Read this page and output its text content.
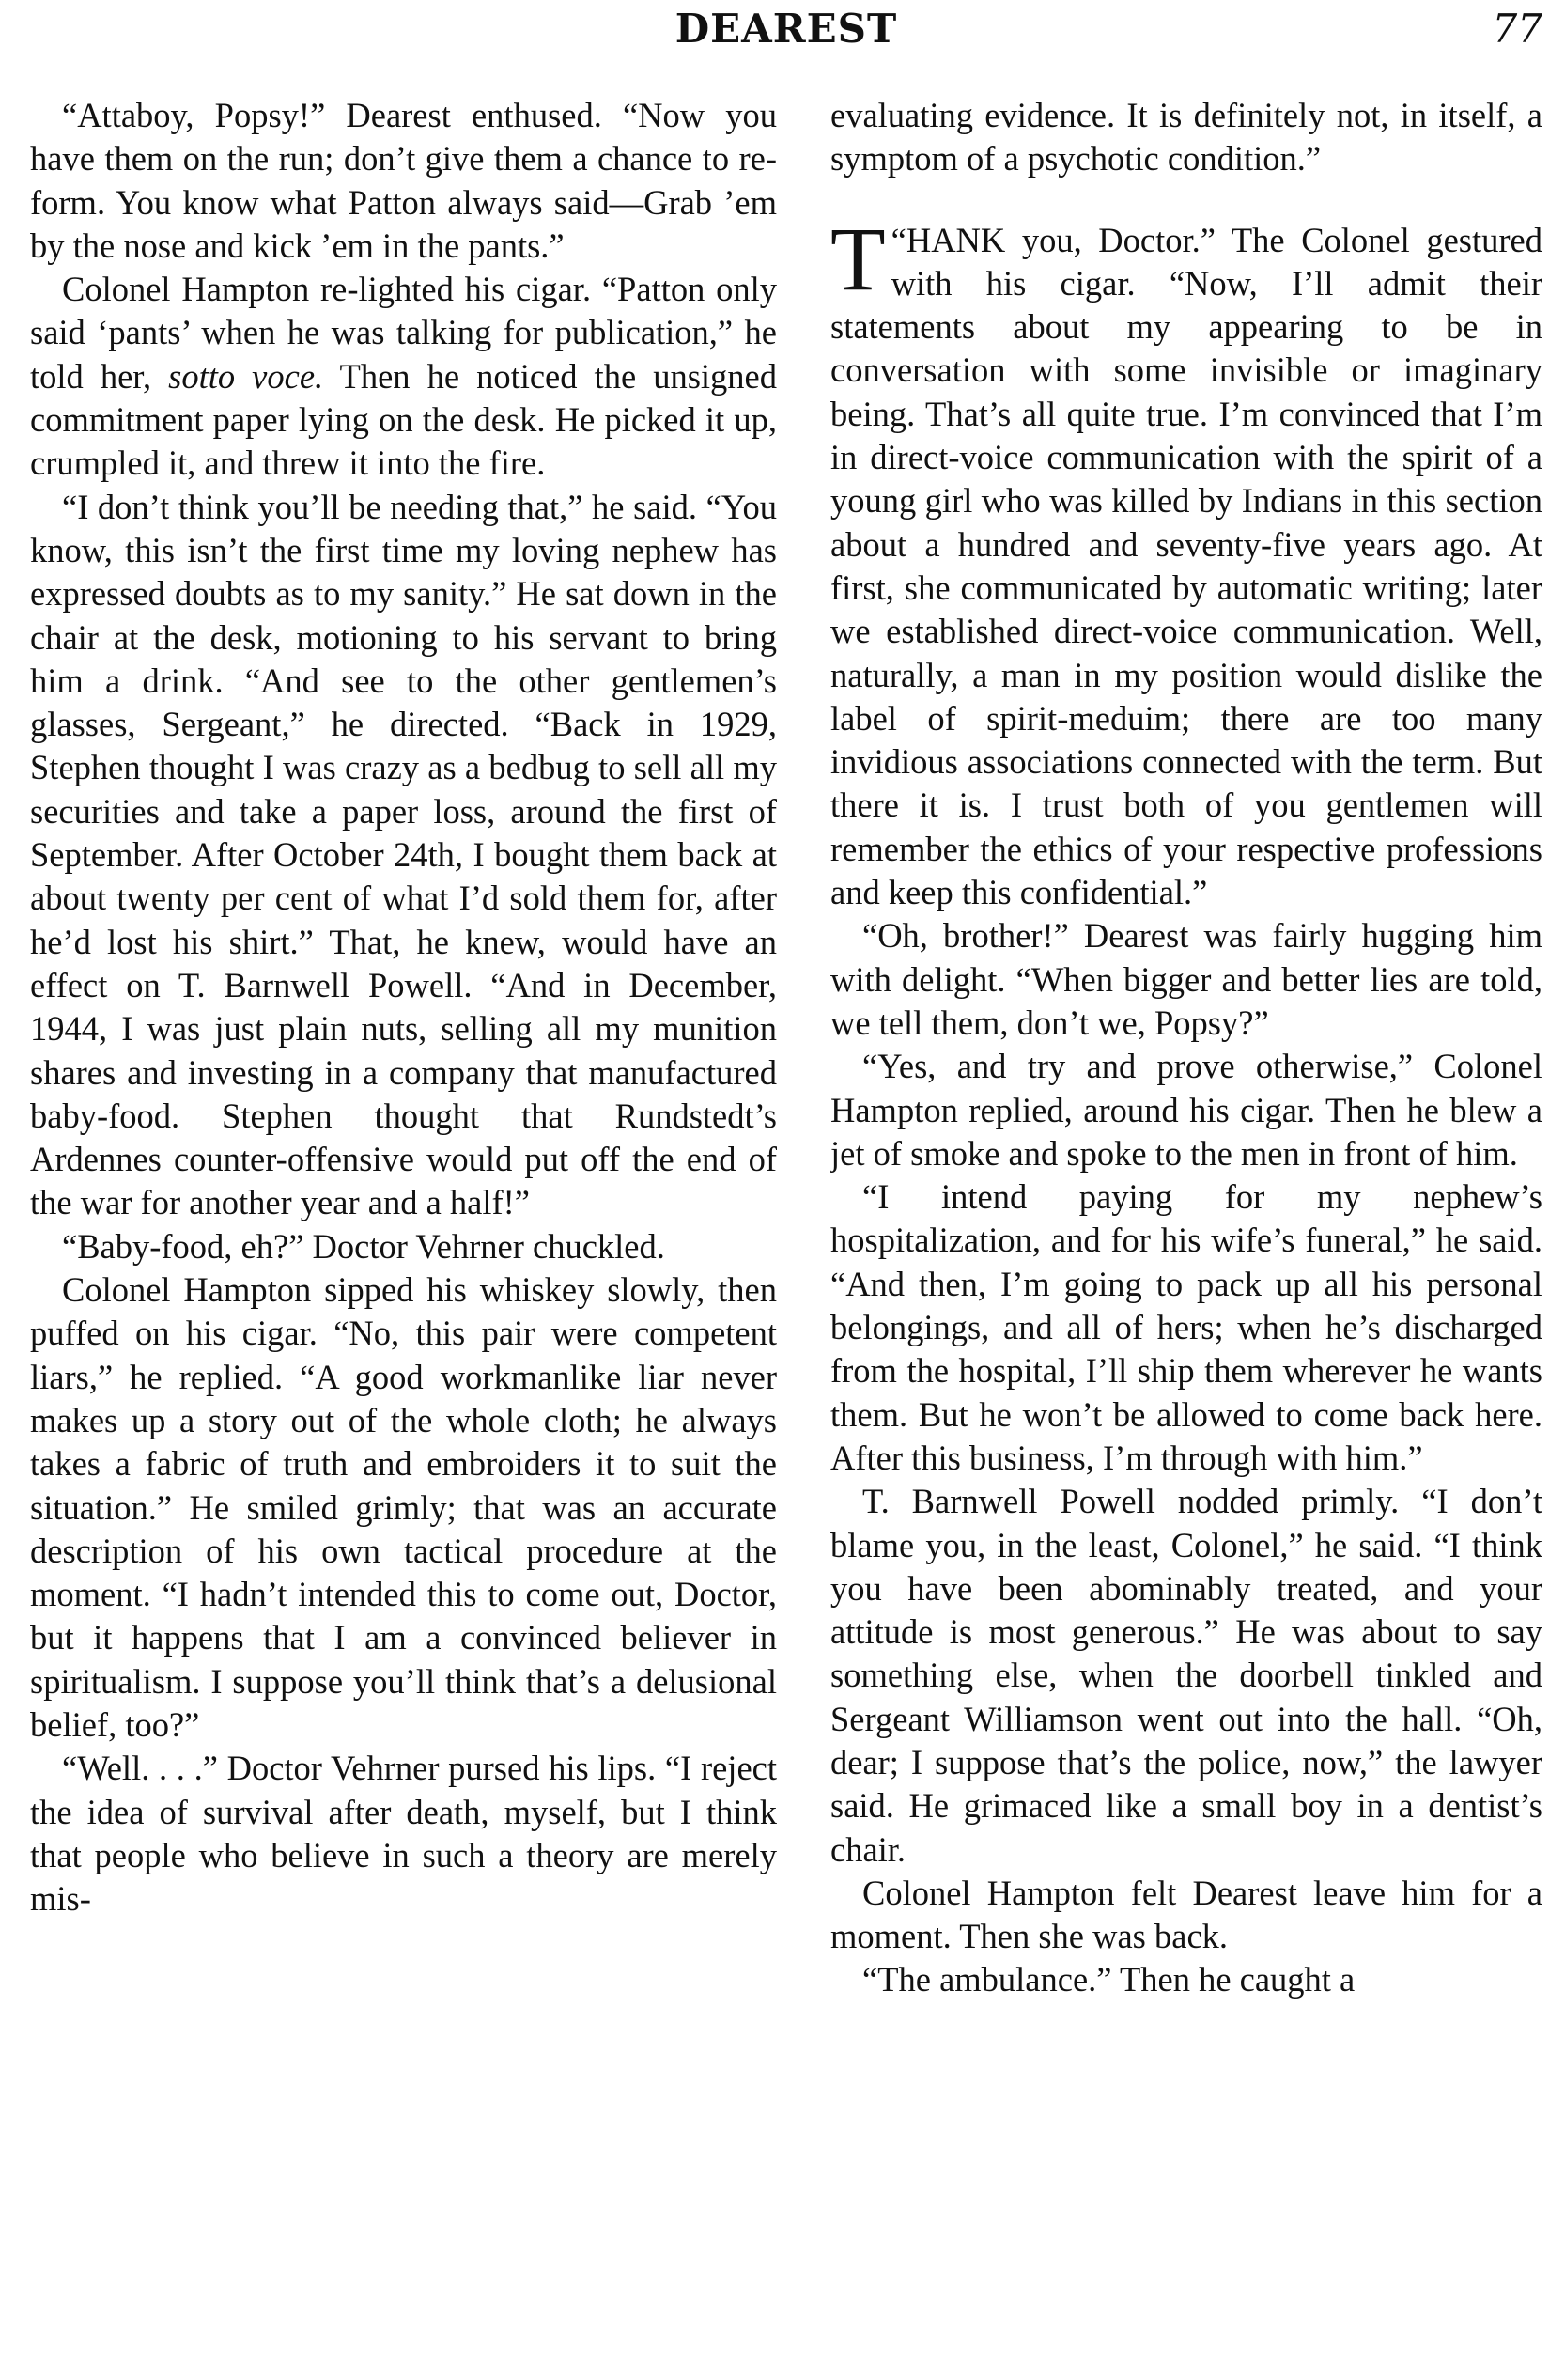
DEAREST	77

“Attaboy, Popsy!” Dearest enthused. “Now you have them on the run; don’t give them a chance to re-form. You know what Patton always said—Grab ’em by the nose and kick ’em in the pants.”

Colonel Hampton re-lighted his cigar. “Patton only said ‘pants’ when he was talking for publication,” he told her, sotto voce. Then he noticed the unsigned commitment paper lying on the desk. He picked it up, crumpled it, and threw it into the fire.

“I don’t think you’ll be needing that,” he said. “You know, this isn’t the first time my loving nephew has expressed doubts as to my sanity.” He sat down in the chair at the desk, motioning to his servant to bring him a drink. “And see to the other gentlemen’s glasses, Sergeant,” he directed. “Back in 1929, Stephen thought I was crazy as a bedbug to sell all my securities and take a paper loss, around the first of September. After October 24th, I bought them back at about twenty per cent of what I’d sold them for, after he’d lost his shirt.” That, he knew, would have an effect on T. Barnwell Powell. “And in December, 1944, I was just plain nuts, selling all my munition shares and investing in a company that manufactured baby-food. Stephen thought that Rundstedt’s Ardennes counter-offensive would put off the end of the war for another year and a half!”

“Baby-food, eh?” Doctor Vehrner chuckled.

Colonel Hampton sipped his whiskey slowly, then puffed on his cigar. “No, this pair were competent liars,” he replied. “A good workmanlike liar never makes up a story out of the whole cloth; he always takes a fabric of truth and embroiders it to suit the situation.” He smiled grimly; that was an accurate description of his own tactical procedure at the moment. “I hadn’t intended this to come out, Doctor, but it happens that I am a convinced believer in spiritualism. I suppose you’ll think that’s a delusional belief, too?”

“Well. . . .” Doctor Vehrner pursed his lips. “I reject the idea of survival after death, myself, but I think that people who believe in such a theory are merely mis-

evaluating evidence. It is definitely not, in itself, a symptom of a psychotic condition.”

“
T HANK you, Doctor.” The Colonel gestured with his cigar. “Now, I’ll admit their statements about my appearing to be in conversation with some invisible or imaginary being. That’s all quite true. I’m convinced that I’m in direct-voice communication with the spirit of a young girl who was killed by Indians in this section about a hundred and seventy-five years ago. At first, she communicated by automatic writing; later we established direct-voice communication. Well, naturally, a man in my position would dislike the label of spirit-meduim; there are too many invidious associations connected with the term. But there it is. I trust both of you gentlemen will remember the ethics of your respective professions and keep this confidential.”

“Oh, brother!” Dearest was fairly hugging him with delight. “When bigger and better lies are told, we tell them, don’t we, Popsy?”

“Yes, and try and prove otherwise,” Colonel Hampton replied, around his cigar. Then he blew a jet of smoke and spoke to the men in front of him.

“I intend paying for my nephew’s hospitalization, and for his wife’s funeral,” he said. “And then, I’m going to pack up all his personal belongings, and all of hers; when he’s discharged from the hospital, I’ll ship them wherever he wants them. But he won’t be allowed to come back here. After this business, I’m through with him.”

T. Barnwell Powell nodded primly. “I don’t blame you, in the least, Colonel,” he said. “I think you have been abominably treated, and your attitude is most generous.” He was about to say something else, when the doorbell tinkled and Sergeant Williamson went out into the hall. “Oh, dear; I suppose that’s the police, now,” the lawyer said. He grimaced like a small boy in a dentist’s chair.

Colonel Hampton felt Dearest leave him for a moment. Then she was back.

“The ambulance.” Then he caught a
